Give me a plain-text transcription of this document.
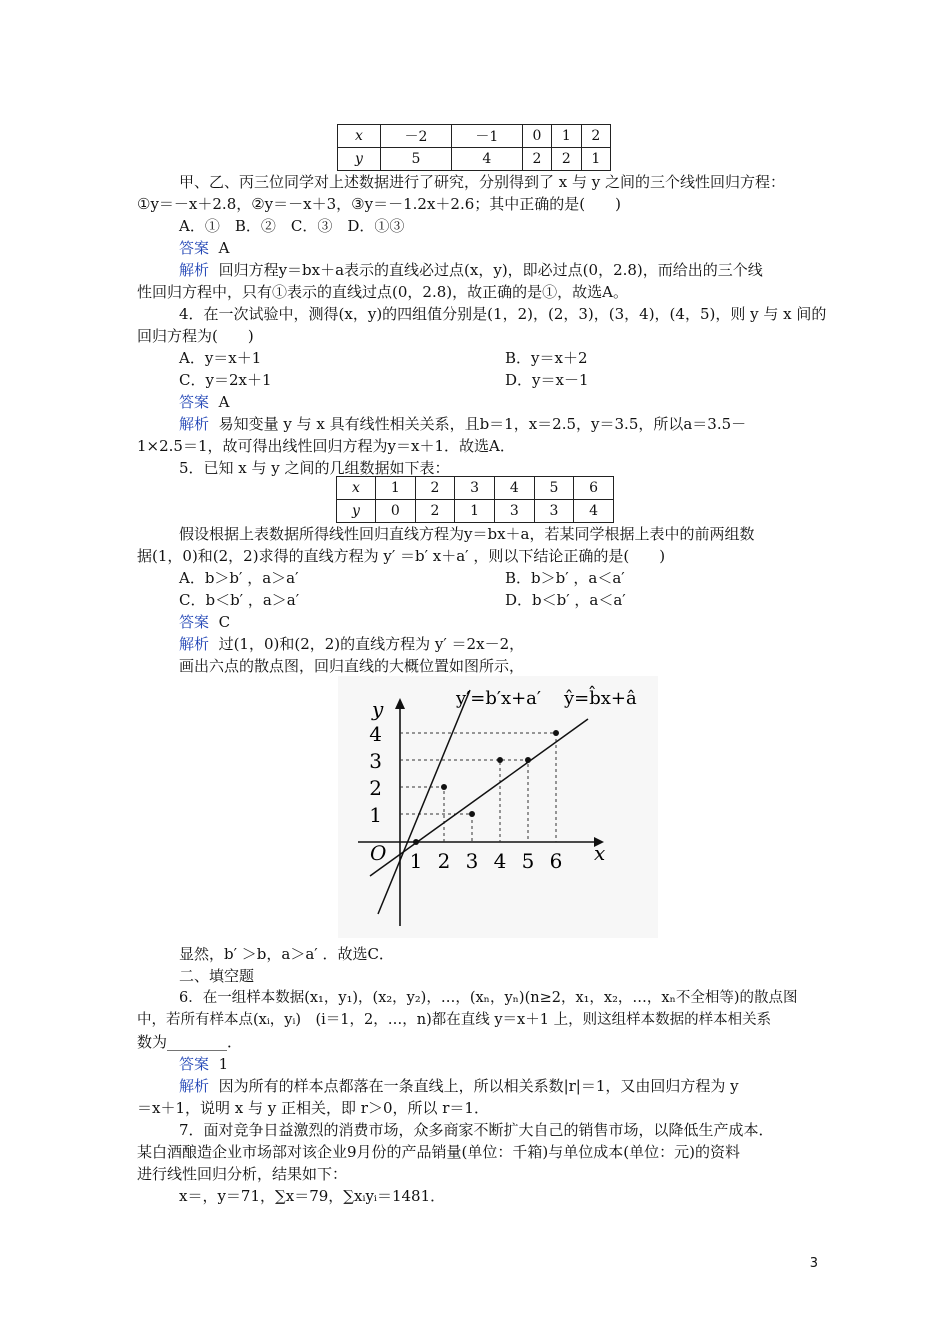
x	－2	－1	0	1	2
y	5	4	2	2	1
甲、乙、丙三位同学对上述数据进行了研究，分别得到了 x 与 y 之间的三个线性回归方程：
①y＝－x＋2.8，②y＝－x＋3，③y＝－1.2x＋2.6；其中正确的是(　　)
A．①　B．②　C．③　D．①③
答案 A
解析 回归方程y＝bx＋a表示的直线必过点(x，y)，即必过点(0，2.8)，而给出的三个线
性回归方程中，只有①表示的直线过点(0，2.8)，故正确的是①，故选A。
4．在一次试验中，测得(x，y)的四组值分别是(1，2)，(2，3)，(3，4)，(4，5)，则 y 与 x 间的
回归方程为(　　)
A．y＝x＋1	B．y＝x＋2
C．y＝2x＋1	D．y＝x－1
答案 A
解析 易知变量 y 与 x 具有线性相关关系，且b＝1，x＝2.5，y＝3.5，所以a＝3.5－
1×2.5＝1，故可得出线性回归方程为y＝x＋1．故选A．
5．已知 x 与 y 之间的几组数据如下表：
x	1	2	3	4	5	6
y	0	2	1	3	3	4
假设根据上表数据所得线性回归直线方程为y＝bx＋a，若某同学根据上表中的前两组数
据(1，0)和(2，2)求得的直线方程为 y′ ＝b′ x＋a′ ，则以下结论正确的是(　　)
A．b＞b′ ，a＞a′	B．b＞b′ ，a＜a′
C．b＜b′ ，a＞a′	D．b＜b′ ，a＜a′
答案 C
解析 过(1，0)和(2，2)的直线方程为 y′ ＝2x－2，
画出六点的散点图，回归直线的大概位置如图所示，
y′=b′x+a′ ŷ=b̂x+â
y
x
O 1 2 3 4 5 6
1
2
3
4
显然，b′ ＞b，a＞a′ ．故选C．
二、填空题
6．在一组样本数据(x₁，y₁)，(x₂，y₂)，…，(xₙ，yₙ)(n≥2，x₁，x₂，…，xₙ不全相等)的散点图
中，若所有样本点(xᵢ，yᵢ)　(i＝1，2，…，n)都在直线 y＝x＋1 上，则这组样本数据的样本相关系
数为________．
答案 1
解析 因为所有的样本点都落在一条直线上，所以相关系数|r|＝1，又由回归方程为 y
＝x＋1，说明 x 与 y 正相关，即 r＞0，所以 r＝1．
7．面对竞争日益激烈的消费市场，众多商家不断扩大自己的销售市场，以降低生产成本．
某白酒酿造企业市场部对该企业9月份的产品销量(单位：千箱)与单位成本(单位：元)的资料
进行线性回归分析，结果如下：
x＝，y＝71，∑x＝79，∑xᵢyᵢ＝1481．
3
